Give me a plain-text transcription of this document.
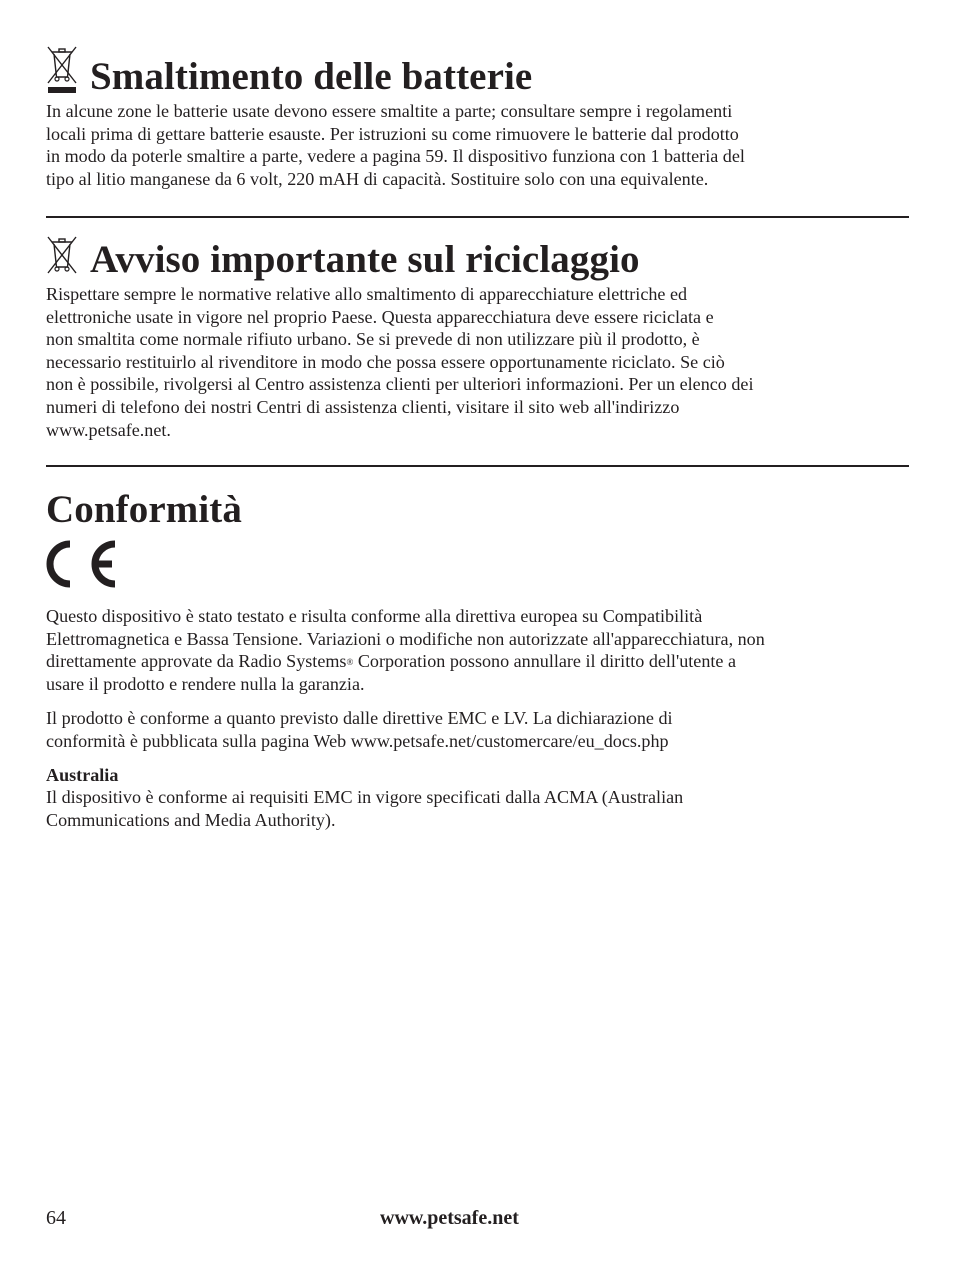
Smaltimento delle batterie

In alcune zone le batterie usate devono essere smaltite a parte; consultare sempre i regolamenti
locali prima di gettare batterie esauste. Per istruzioni su come rimuovere le batterie dal prodotto
in modo da poterle smaltire a parte, vedere a pagina 59. Il dispositivo funziona con 1 batteria del
tipo al litio manganese da 6 volt, 220 mAH di capacità. Sostituire solo con una equivalente.

Avviso importante sul riciclaggio

Rispettare sempre le normative relative allo smaltimento di apparecchiature elettriche ed
elettroniche usate in vigore nel proprio Paese. Questa apparecchiatura deve essere riciclata e
non smaltita come normale rifiuto urbano. Se si prevede di non utilizzare più il prodotto, è
necessario restituirlo al rivenditore in modo che possa essere opportunamente riciclato. Se ciò
non è possibile, rivolgersi al Centro assistenza clienti per ulteriori informazioni. Per un elenco dei
numeri di telefono dei nostri Centri di assistenza clienti, visitare il sito web all'indirizzo
www.petsafe.net.

Conformità

Questo dispositivo è stato testato e risulta conforme alla direttiva europea su Compatibilità
Elettromagnetica e Bassa Tensione. Variazioni o modifiche non autorizzate all'apparecchiatura, non
direttamente approvate da Radio Systems® Corporation possono annullare il diritto dell'utente a
usare il prodotto e rendere nulla la garanzia.

Il prodotto è conforme a quanto previsto dalle direttive EMC e LV. La dichiarazione di
conformità è pubblicata sulla pagina Web www.petsafe.net/customercare/eu_docs.php

Australia

Il dispositivo è conforme ai requisiti EMC in vigore specificati dalla ACMA (Australian
Communications and Media Authority).

64	www.petsafe.net
